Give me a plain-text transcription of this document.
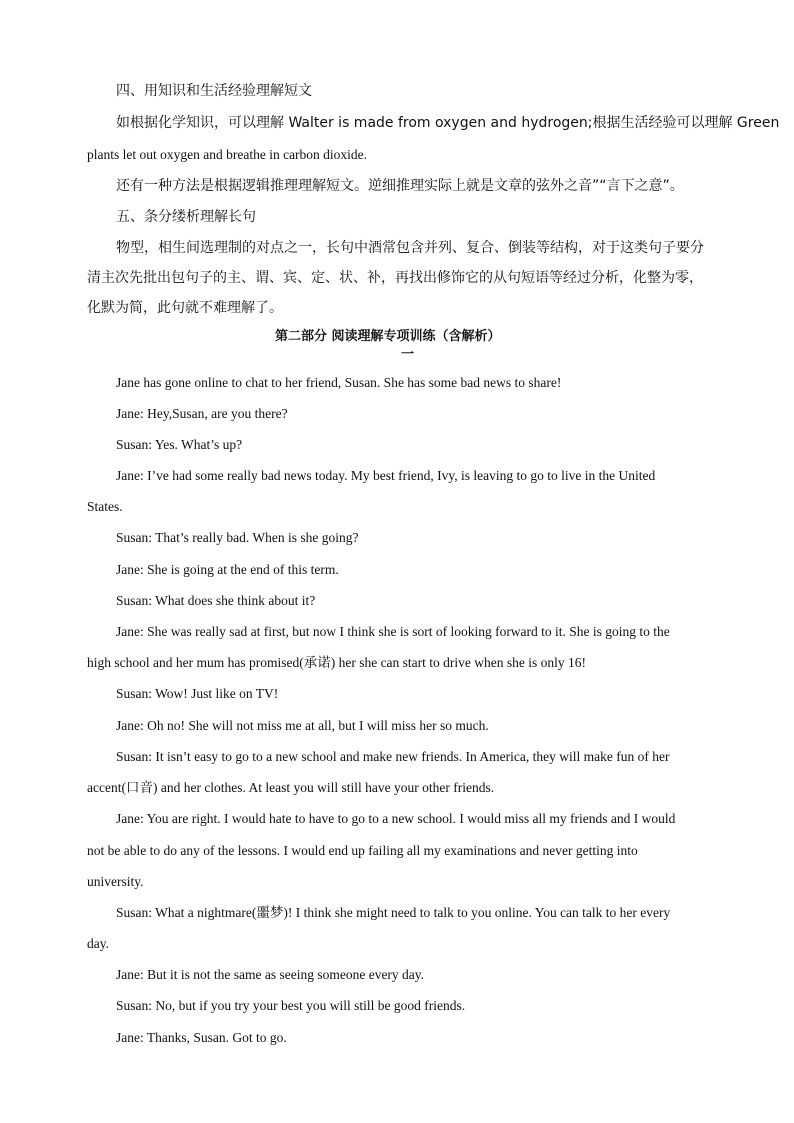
四、用知识和生活经验理解短文
如根据化学知识，可以理解 Walter is made from oxygen and hydrogen;根据生活经验可以理解 Green
plants let out oxygen and breathe in carbon dioxide.
还有一种方法是根据逻辑推理理解短文。逆细推理实际上就是文章的弦外之音”“言下之意”。
五、条分缕析理解长句
物型，相生间选理制的对点之一，长句中酒常包含并列、复合、倒装等结构，对于这类句子要分
清主次先批出包句子的主、谓、宾、定、状、补，再找出修饰它的从句短语等经过分析，化整为零，
化默为简，此句就不难理解了。
第二部分 阅读理解专项训练（含解析）
一
Jane has gone online to chat to her friend, Susan. She has some bad news to share!
Jane: Hey,Susan, are you there?
Susan: Yes. What’s up?
Jane: I’ve had some really bad news today. My best friend, Ivy, is leaving to go to live in the United
States.
Susan: That’s really bad. When is she going?
Jane: She is going at the end of this term.
Susan: What does she think about it?
Jane: She was really sad at first, but now I think she is sort of looking forward to it. She is going to the
high school and her mum has promised(承诺) her she can start to drive when she is only 16!
Susan: Wow! Just like on TV!
Jane: Oh no! She will not miss me at all, but I will miss her so much.
Susan: It isn’t easy to go to a new school and make new friends. In America, they will make fun of her
accent(口音) and her clothes. At least you will still have your other friends.
Jane: You are right. I would hate to have to go to a new school. I would miss all my friends and I would
not be able to do any of the lessons. I would end up failing all my examinations and never getting into
university.
Susan: What a nightmare(噩梦)! I think she might need to talk to you online. You can talk to her every
day.
Jane: But it is not the same as seeing someone every day.
Susan: No, but if you try your best you will still be good friends.
Jane: Thanks, Susan. Got to go.
